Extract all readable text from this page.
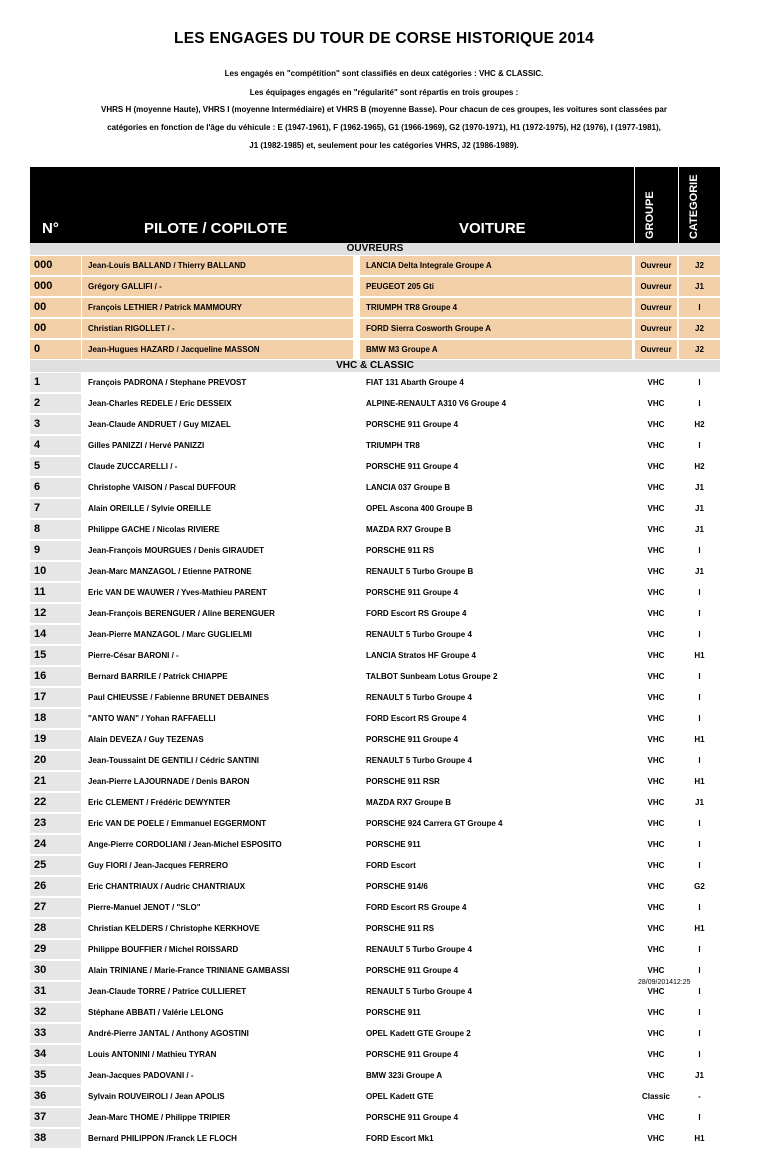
LES ENGAGES DU TOUR DE CORSE HISTORIQUE 2014
Les engagés en "compétition" sont classifiés en deux catégories : VHC & CLASSIC.
Les équipages engagés en "régularité" sont répartis en trois groupes :
VHRS H (moyenne Haute), VHRS I (moyenne Intermédiaire) et VHRS B (moyenne Basse). Pour chacun de ces groupes, les voitures sont classées par
catégories en fonction de l'âge du véhicule : E (1947-1961), F (1962-1965), G1 (1966-1969), G2 (1970-1971), H1 (1972-1975), H2 (1976), I (1977-1981),
J1 (1982-1985) et, seulement pour les catégories VHRS, J2 (1986-1989).
N°	PILOTE / COPILOTE	VOITURE	GROUPE	CATEGORIE
OUVREURS
000	Jean-Louis BALLAND / Thierry BALLAND	LANCIA Delta Integrale Groupe A	Ouvreur	J2
000	Grégory GALLIFI / -	PEUGEOT 205 Gti	Ouvreur	J1
00	François LETHIER / Patrick MAMMOURY	TRIUMPH TR8 Groupe 4	Ouvreur	I
00	Christian RIGOLLET / -	FORD Sierra Cosworth Groupe A	Ouvreur	J2
0	Jean-Hugues HAZARD / Jacqueline MASSON	BMW M3 Groupe A	Ouvreur	J2
VHC & CLASSIC
1	François PADRONA / Stephane PREVOST	FIAT 131 Abarth Groupe 4	VHC	I
2	Jean-Charles REDELE / Eric DESSEIX	ALPINE-RENAULT A310 V6 Groupe 4	VHC	I
3	Jean-Claude ANDRUET / Guy MIZAEL	PORSCHE 911 Groupe 4	VHC	H2
4	Gilles PANIZZI / Hervé PANIZZI	TRIUMPH TR8	VHC	I
5	Claude ZUCCARELLI / -	PORSCHE 911 Groupe 4	VHC	H2
6	Christophe VAISON / Pascal DUFFOUR	LANCIA 037 Groupe B	VHC	J1
7	Alain OREILLE / Sylvie OREILLE	OPEL Ascona 400 Groupe B	VHC	J1
8	Philippe GACHE / Nicolas RIVIERE	MAZDA RX7 Groupe B	VHC	J1
9	Jean-François MOURGUES / Denis GIRAUDET	PORSCHE 911 RS	VHC	I
10	Jean-Marc MANZAGOL / Etienne PATRONE	RENAULT 5 Turbo Groupe B	VHC	J1
11	Eric VAN DE WAUWER / Yves-Mathieu PARENT	PORSCHE 911 Groupe 4	VHC	I
12	Jean-François BERENGUER / Aline BERENGUER	FORD Escort RS Groupe 4	VHC	I
14	Jean-Pierre MANZAGOL / Marc GUGLIELMI	RENAULT 5 Turbo Groupe 4	VHC	I
15	Pierre-César BARONI / -	LANCIA Stratos HF Groupe 4	VHC	H1
16	Bernard BARRILE / Patrick CHIAPPE	TALBOT Sunbeam Lotus Groupe 2	VHC	I
17	Paul CHIEUSSE / Fabienne BRUNET DEBAINES	RENAULT 5 Turbo Groupe 4	VHC	I
18	"ANTO WAN" / Yohan RAFFAELLI	FORD Escort RS Groupe 4	VHC	I
19	Alain DEVEZA / Guy TEZENAS	PORSCHE 911 Groupe 4	VHC	H1
20	Jean-Toussaint DE GENTILI / Cédric SANTINI	RENAULT 5 Turbo Groupe 4	VHC	I
21	Jean-Pierre LAJOURNADE / Denis BARON	PORSCHE 911 RSR	VHC	H1
22	Eric CLEMENT / Frédéric DEWYNTER	MAZDA RX7 Groupe B	VHC	J1
23	Eric VAN DE POELE / Emmanuel EGGERMONT	PORSCHE 924 Carrera GT Groupe 4	VHC	I
24	Ange-Pierre CORDOLIANI / Jean-Michel ESPOSITO	PORSCHE 911	VHC	I
25	Guy FIORI / Jean-Jacques FERRERO	FORD Escort	VHC	I
26	Eric CHANTRIAUX / Audric CHANTRIAUX	PORSCHE 914/6	VHC	G2
27	Pierre-Manuel JENOT / "SLO"	FORD Escort RS Groupe 4	VHC	I
28	Christian KELDERS / Christophe KERKHOVE	PORSCHE 911 RS	VHC	H1
29	Philippe BOUFFIER / Michel ROISSARD	RENAULT 5 Turbo Groupe 4	VHC	I
30	Alain TRINIANE / Marie-France TRINIANE GAMBASSI	PORSCHE 911 Groupe 4	VHC	I
31	Jean-Claude TORRE / Patrice CULLIERET	RENAULT 5 Turbo Groupe 4	VHC	I
32	Stéphane ABBATI / Valérie LELONG	PORSCHE 911	VHC	I
33	André-Pierre JANTAL / Anthony AGOSTINI	OPEL Kadett GTE Groupe 2	VHC	I
34	Louis ANTONINI / Mathieu TYRAN	PORSCHE 911 Groupe 4	VHC	I
35	Jean-Jacques PADOVANI / -	BMW 323i Groupe A	VHC	J1
36	Sylvain ROUVEIROLI / Jean APOLIS	OPEL Kadett GTE	Classic	-
37	Jean-Marc THOME / Philippe TRIPIER	PORSCHE 911 Groupe 4	VHC	I
38	Bernard PHILIPPON /Franck LE FLOCH	FORD Escort Mk1	VHC	H1
28/09/201412:25
